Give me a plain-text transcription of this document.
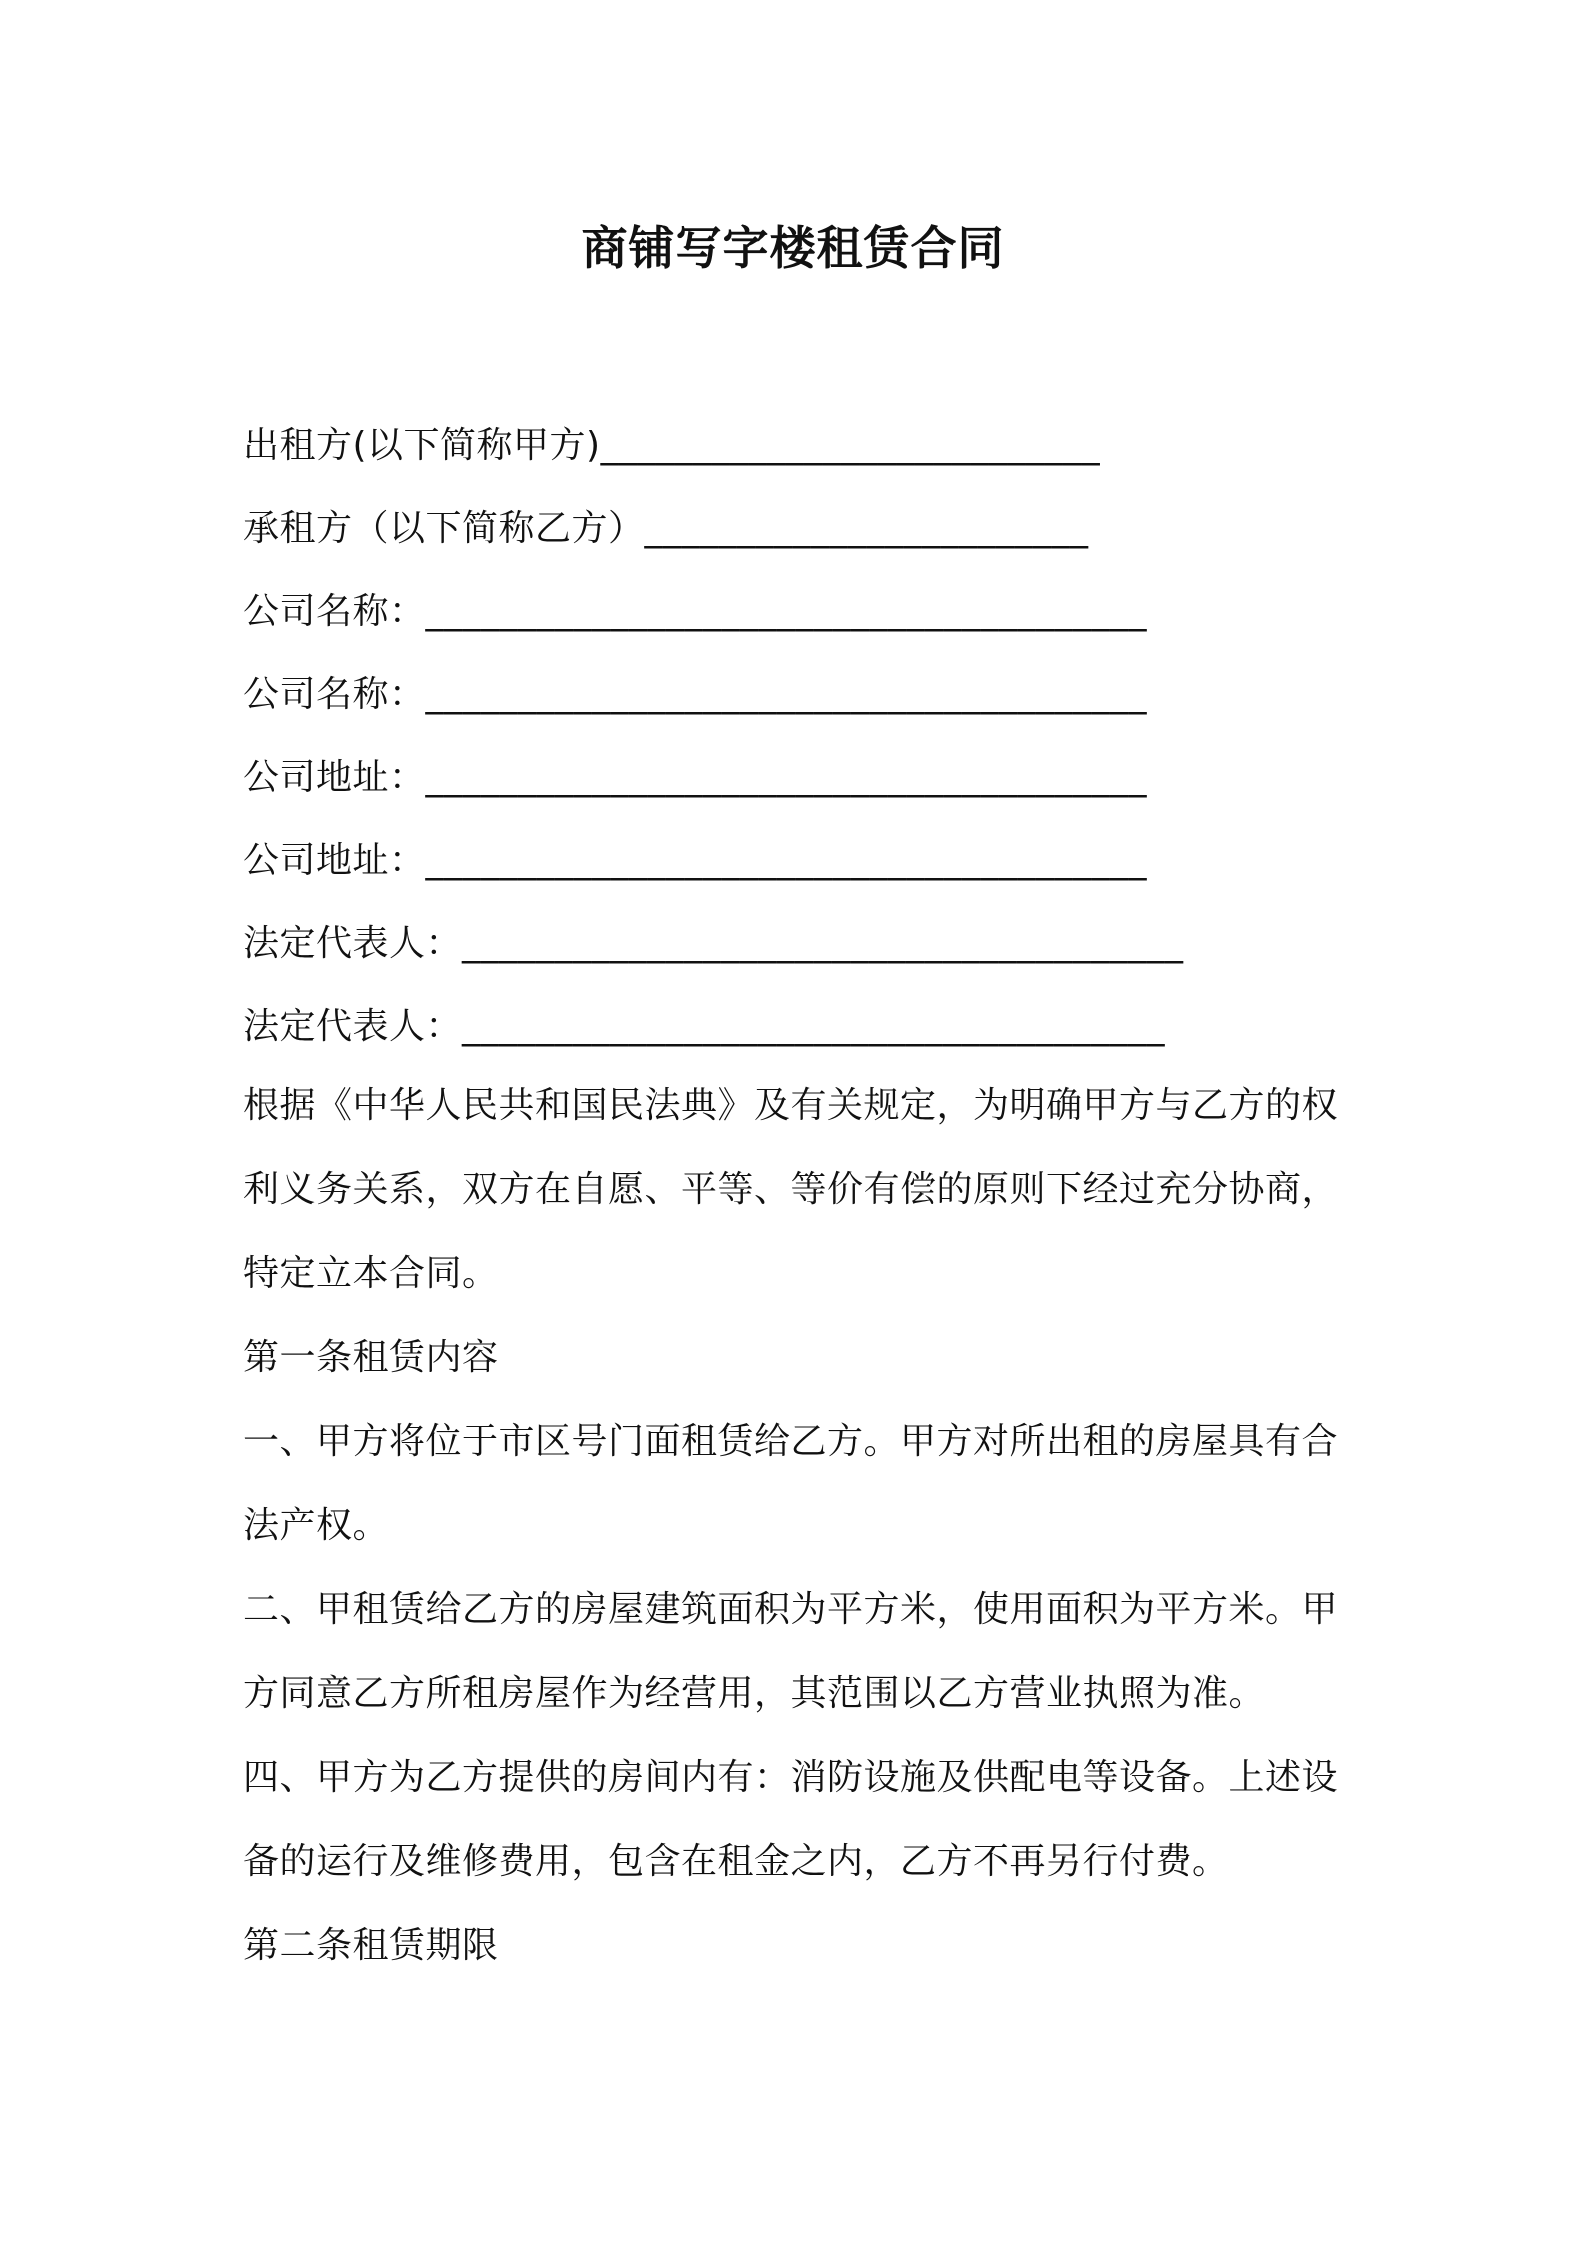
商铺写字楼租赁合同
出租方(以下简称甲方)___________________________
承租方（以下简称乙方）________________________
公司名称：_______________________________________
公司名称：_______________________________________
公司地址：_______________________________________
公司地址：_______________________________________
法定代表人：_______________________________________
法定代表人：______________________________________
根据《中华人民共和国民法典》及有关规定，为明确甲方与乙方的权
利义务关系，双方在自愿、平等、等价有偿的原则下经过充分协商，
特定立本合同。
第一条租赁内容
一、甲方将位于市区号门面租赁给乙方。甲方对所出租的房屋具有合
法产权。
二、甲租赁给乙方的房屋建筑面积为平方米，使用面积为平方米。甲
方同意乙方所租房屋作为经营用，其范围以乙方营业执照为准。
四、甲方为乙方提供的房间内有：消防设施及供配电等设备。上述设
备的运行及维修费用，包含在租金之内，乙方不再另行付费。
第二条租赁期限
